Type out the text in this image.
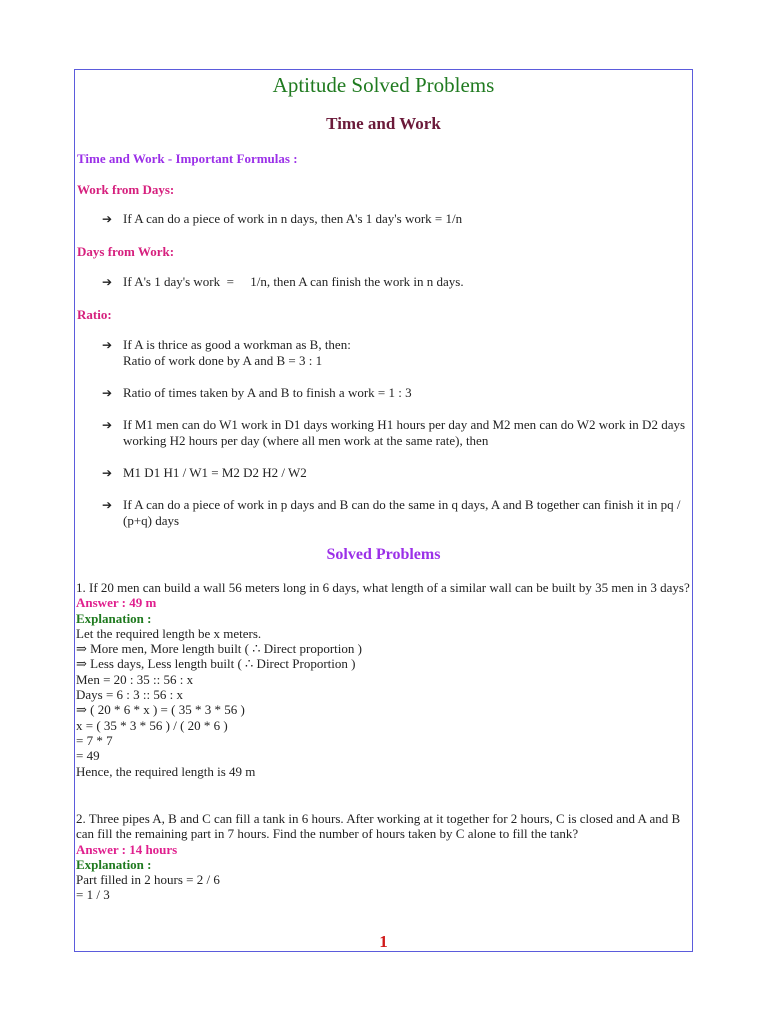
Aptitude Solved Problems
Time and Work
Time and Work - Important Formulas :
Work from Days:
➔ If A can do a piece of work in n days, then A's 1 day's work = 1/n
Days from Work:
➔ If A's 1 day's work  =     1/n, then A can finish the work in n days.
Ratio:
➔ If A is thrice as good a workman as B, then:
Ratio of work done by A and B = 3 : 1
➔ Ratio of times taken by A and B to finish a work = 1 : 3
➔ If M1 men can do W1 work in D1 days working H1 hours per day and M2 men can do W2 work in D2 days working H2 hours per day (where all men work at the same rate), then
➔ M1 D1 H1 / W1 = M2 D2 H2 / W2
➔ If A can do a piece of work in p days and B can do the same in q days, A and B together can finish it in pq / (p+q) days
Solved Problems
1. If 20 men can build a wall 56 meters long in 6 days, what length of a similar wall can be built by 35 men in 3 days?
Answer : 49 m
Explanation :
Let the required length be x meters.
⇒ More men, More length built ( ∴ Direct proportion )
⇒ Less days, Less length built ( ∴ Direct Proportion )
Men = 20 : 35 :: 56 : x
Days = 6 : 3 :: 56 : x
⇒ ( 20 * 6 * x ) = ( 35 * 3 * 56 )
x = ( 35 * 3 * 56 ) / ( 20 * 6 )
= 7 * 7
= 49
Hence, the required length is 49 m
2. Three pipes A, B and C can fill a tank in 6 hours. After working at it together for 2 hours, C is closed and A and B can fill the remaining part in 7 hours. Find the number of hours taken by C alone to fill the tank?
Answer : 14 hours
Explanation :
Part filled in 2 hours = 2 / 6
= 1 / 3
1
